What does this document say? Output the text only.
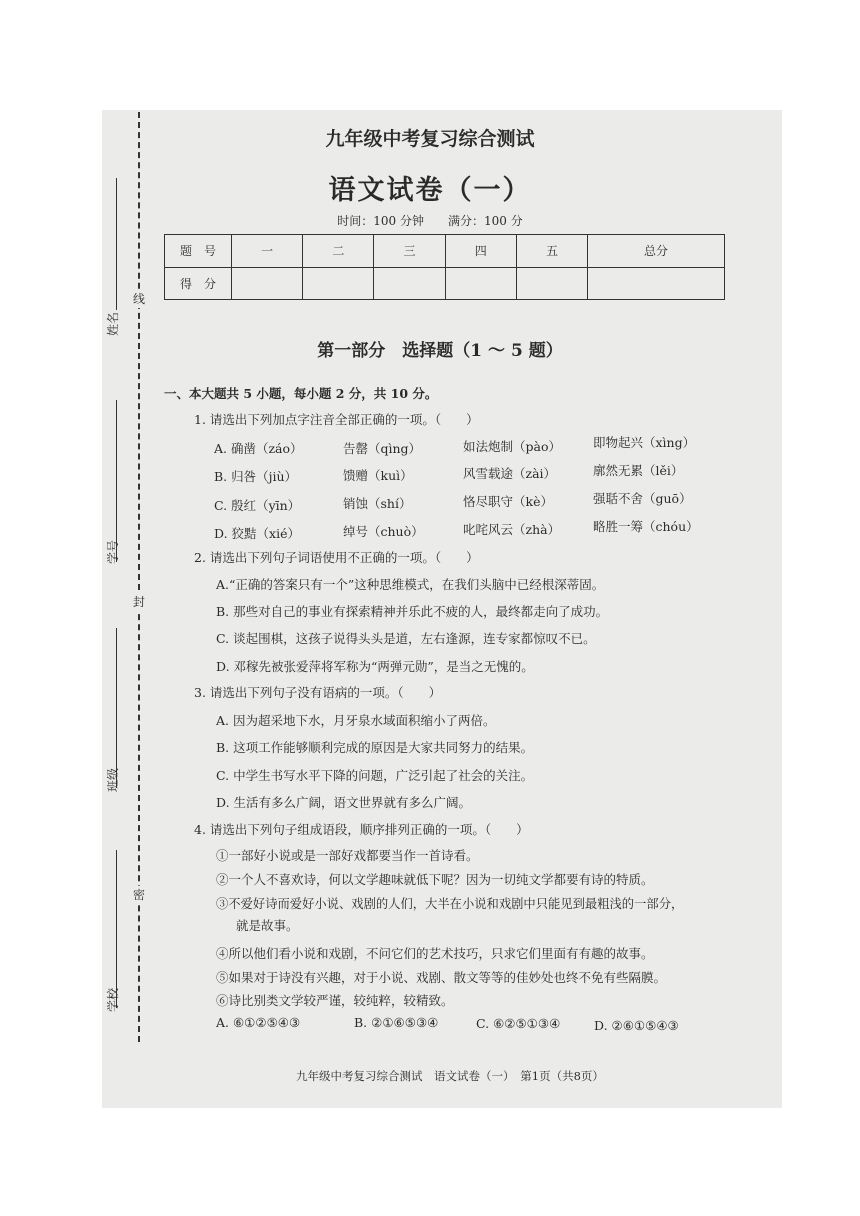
线
封
密
姓名
学号
班级
学校
九年级中考复习综合测试
语文试卷（一）
时间：100 分钟　　满分：100 分
题　号	一	二	三	四	五	总分
得　分						
第一部分　选择题（1 ～ 5 题）
一、本大题共 5 小题，每小题 2 分，共 10 分。
1. 请选出下列加点字注音全部正确的一项。（　　）
A. 确凿（záo）	告罄（qìng）	如法炮制（pào）	即物起兴（xìng）
B. 归咎（jiù）	馈赠（kuì）	风雪载途（zài）	廓然无累（lěi）
C. 殷红（yīn）	销蚀（shí）	恪尽职守（kè）	强聒不舍（guō）
D. 狡黠（xié）	绰号（chuò）	叱咤风云（zhà）	略胜一筹（chóu）
2. 请选出下列句子词语使用不正确的一项。（　　）
A.“正确的答案只有一个”这种思维模式，在我们头脑中已经根深蒂固。
B. 那些对自己的事业有探索精神并乐此不疲的人，最终都走向了成功。
C. 谈起围棋，这孩子说得头头是道，左右逢源，连专家都惊叹不已。
D. 邓稼先被张爱萍将军称为“两弹元勋”，是当之无愧的。
3. 请选出下列句子没有语病的一项。（　　）
A. 因为超采地下水，月牙泉水域面积缩小了两倍。
B. 这项工作能够顺利完成的原因是大家共同努力的结果。
C. 中学生书写水平下降的问题，广泛引起了社会的关注。
D. 生活有多么广阔，语文世界就有多么广阔。
4. 请选出下列句子组成语段，顺序排列正确的一项。（　　）
①一部好小说或是一部好戏都要当作一首诗看。
②一个人不喜欢诗，何以文学趣味就低下呢？因为一切纯文学都要有诗的特质。
③不爱好诗而爱好小说、戏剧的人们，大半在小说和戏剧中只能见到最粗浅的一部分，
就是故事。
④所以他们看小说和戏剧，不问它们的艺术技巧，只求它们里面有有趣的故事。
⑤如果对于诗没有兴趣，对于小说、戏剧、散文等等的佳妙处也终不免有些隔膜。
⑥诗比别类文学较严谨，较纯粹，较精致。
A. ⑥①②⑤④③	B. ②①⑥⑤③④	C. ⑥②⑤①③④	D. ②⑥①⑤④③
九年级中考复习综合测试　语文试卷（一）　第1页（共8页）
